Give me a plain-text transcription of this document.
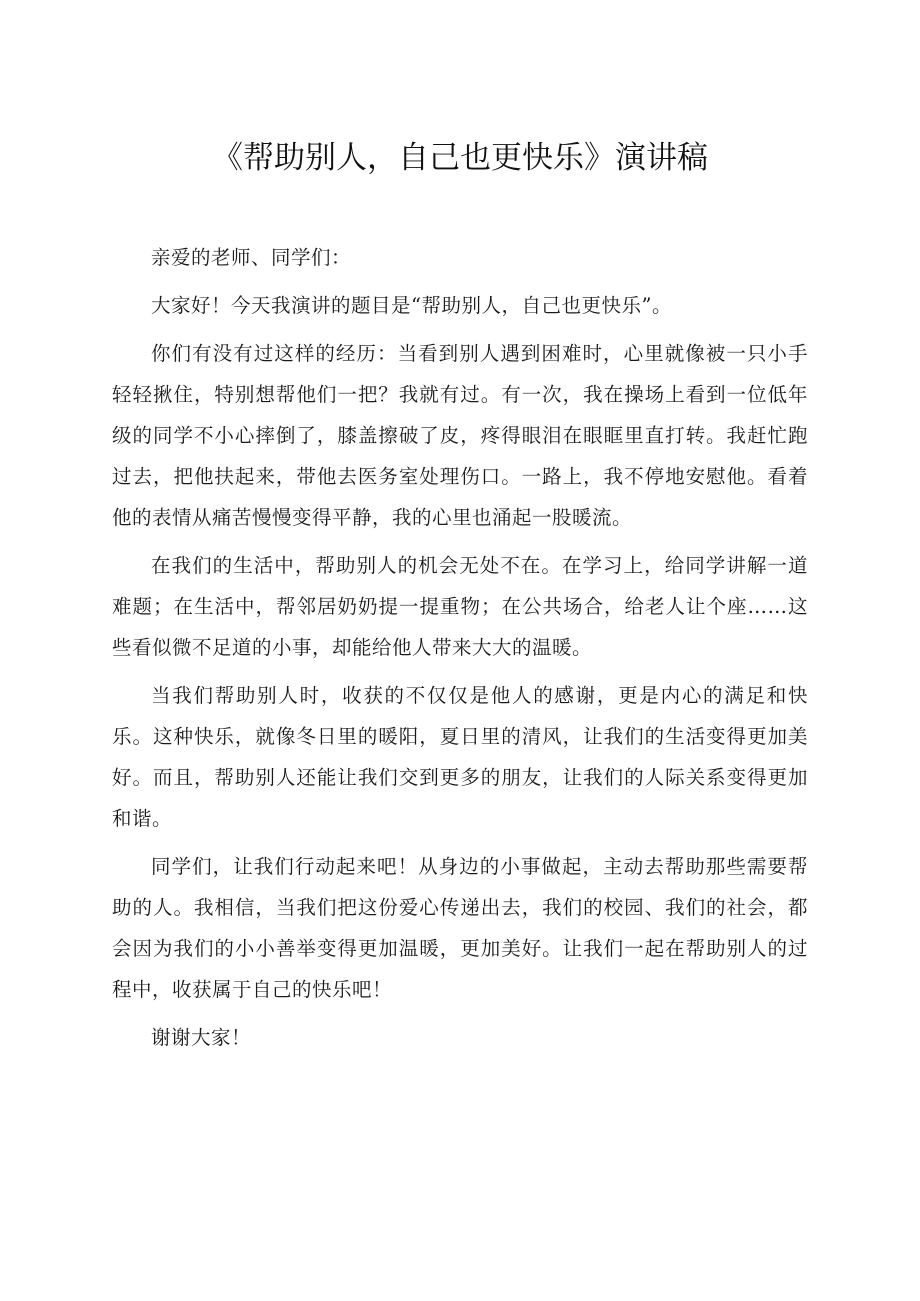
《帮助别人，自己也更快乐》演讲稿

亲爱的老师、同学们：

大家好！今天我演讲的题目是“帮助别人，自己也更快乐”。

你们有没有过这样的经历：当看到别人遇到困难时，心里就像被一只小手轻轻揪住，特别想帮他们一把？我就有过。有一次，我在操场上看到一位低年级的同学不小心摔倒了，膝盖擦破了皮，疼得眼泪在眼眶里直打转。我赶忙跑过去，把他扶起来，带他去医务室处理伤口。一路上，我不停地安慰他。看着他的表情从痛苦慢慢变得平静，我的心里也涌起一股暖流。

在我们的生活中，帮助别人的机会无处不在。在学习上，给同学讲解一道难题；在生活中，帮邻居奶奶提一提重物；在公共场合，给老人让个座……这些看似微不足道的小事，却能给他人带来大大的温暖。

当我们帮助别人时，收获的不仅仅是他人的感谢，更是内心的满足和快乐。这种快乐，就像冬日里的暖阳，夏日里的清风，让我们的生活变得更加美好。而且，帮助别人还能让我们交到更多的朋友，让我们的人际关系变得更加和谐。

同学们，让我们行动起来吧！从身边的小事做起，主动去帮助那些需要帮助的人。我相信，当我们把这份爱心传递出去，我们的校园、我们的社会，都会因为我们的小小善举变得更加温暖，更加美好。让我们一起在帮助别人的过程中，收获属于自己的快乐吧！

谢谢大家！
